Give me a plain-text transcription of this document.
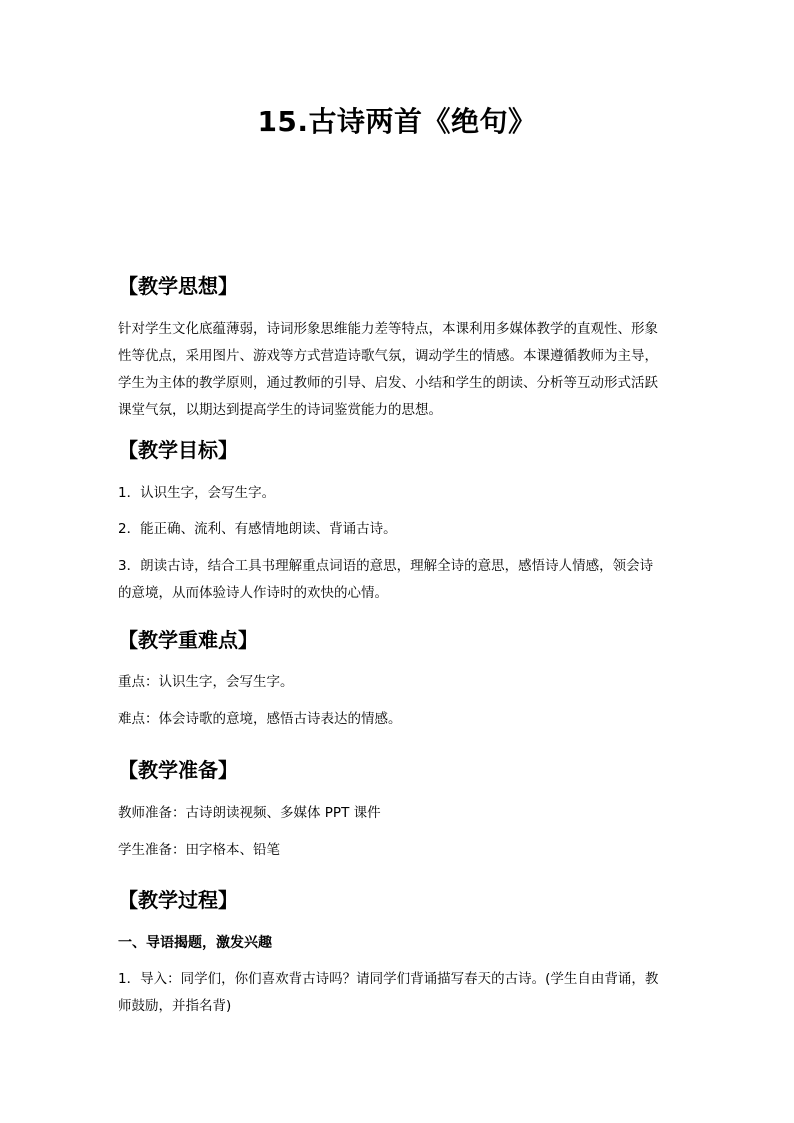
15.古诗两首《绝句》
【教学思想】
针对学生文化底蕴薄弱，诗词形象思维能力差等特点，本课利用多媒体教学的直观性、形象
性等优点，采用图片、游戏等方式营造诗歌气氛，调动学生的情感。本课遵循教师为主导，
学生为主体的教学原则，通过教师的引导、启发、小结和学生的朗读、分析等互动形式活跃
课堂气氛，以期达到提高学生的诗词鉴赏能力的思想。
【教学目标】
1．认识生字，会写生字。
2．能正确、流利、有感情地朗读、背诵古诗。
3．朗读古诗，结合工具书理解重点词语的意思，理解全诗的意思，感悟诗人情感，领会诗
的意境，从而体验诗人作诗时的欢快的心情。
【教学重难点】
重点：认识生字，会写生字。
难点：体会诗歌的意境，感悟古诗表达的情感。
【教学准备】
教师准备：古诗朗读视频、多媒体 PPT 课件
学生准备：田字格本、铅笔
【教学过程】
一、导语揭题，激发兴趣
1．导入：同学们，你们喜欢背古诗吗？请同学们背诵描写春天的古诗。(学生自由背诵，教
师鼓励，并指名背)
